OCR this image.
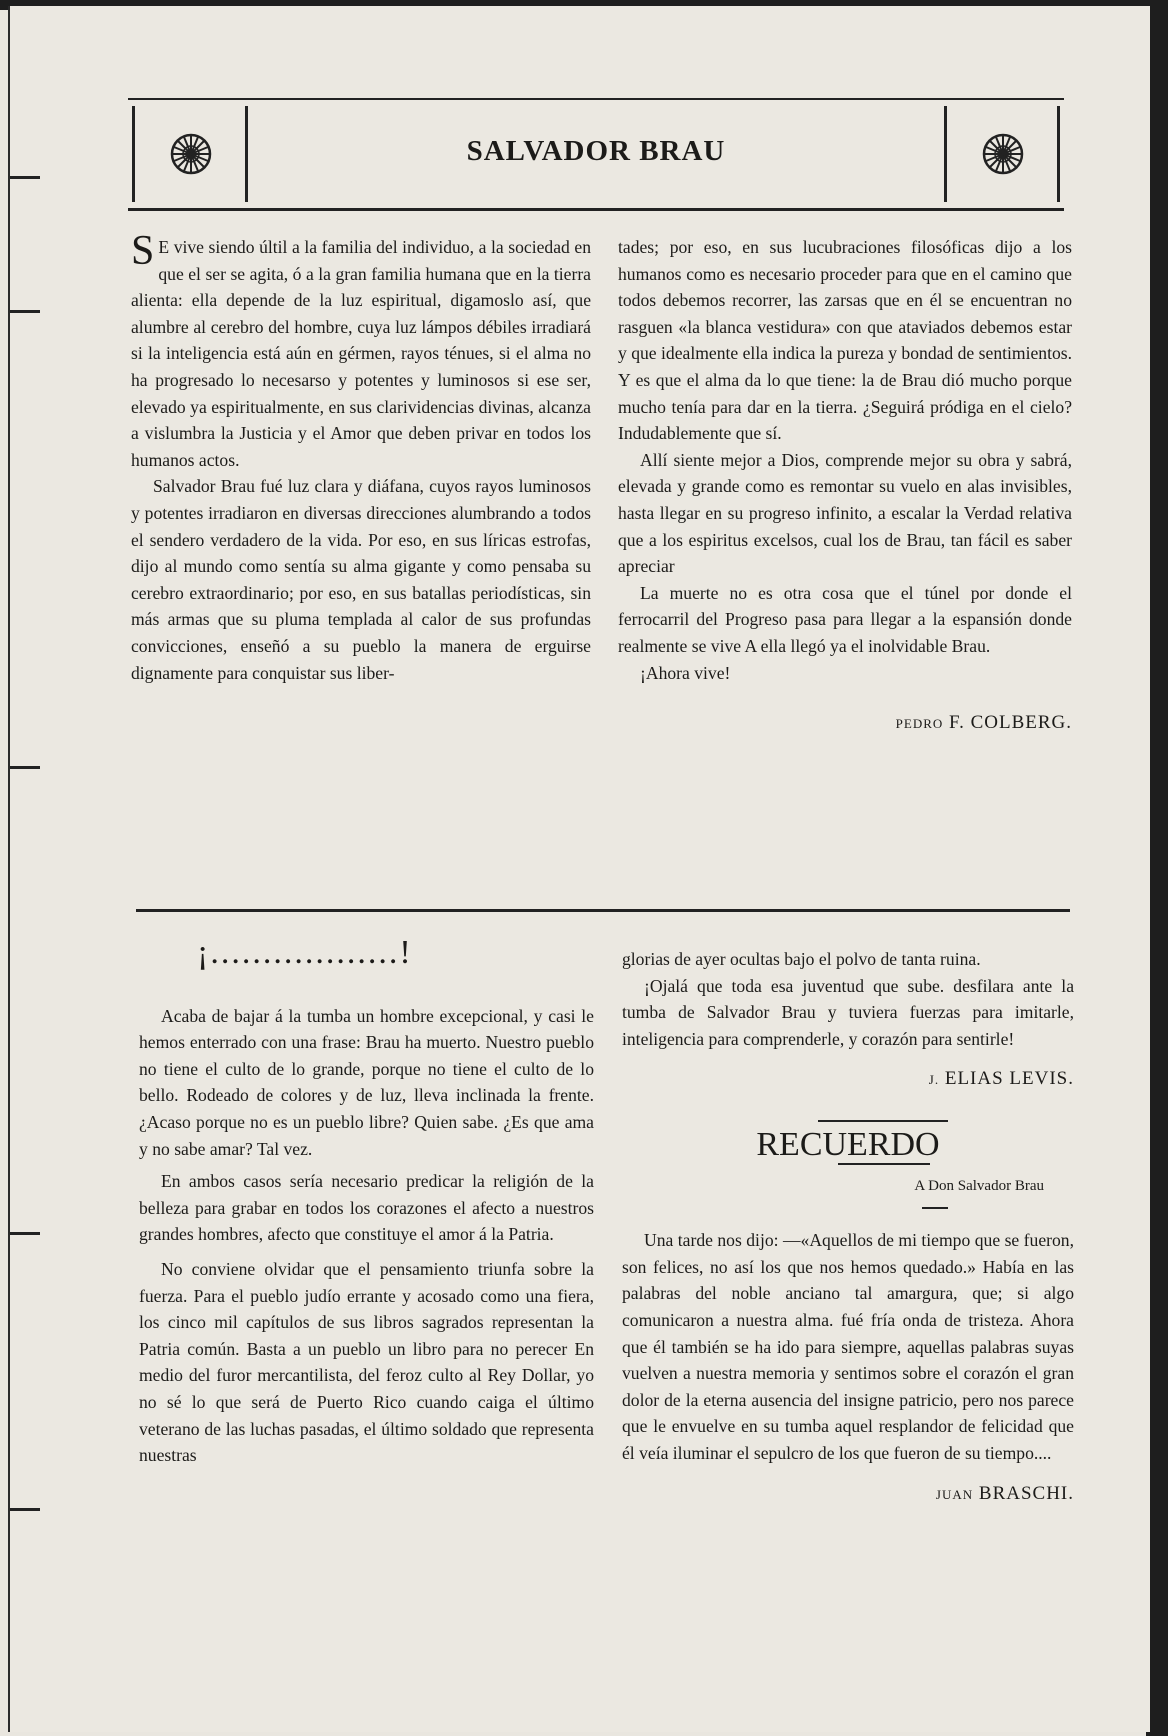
SALVADOR BRAU

S E vive siendo últil a la familia del individuo, a la sociedad en que el ser se agita, ó a la gran familia humana que en la tierra alienta: ella depende de la luz espiritual, digamoslo así, que alumbre al cerebro del hombre, cuya luz lámpos débiles irradiará si la inteligencia está aún en gérmen, rayos ténues, si el alma no ha progresado lo necesarso y potentes y luminosos si ese ser, elevado ya espiritualmente, en sus clarividencias divinas, alcanza a vislumbra la Justicia y el Amor que deben privar en todos los humanos actos.

Salvador Brau fué luz clara y diáfana, cuyos rayos luminosos y potentes irradiaron en diversas direcciones alumbrando a todos el sendero verdadero de la vida. Por eso, en sus líricas estrofas, dijo al mundo como sentía su alma gigante y como pensaba su cerebro extraordinario; por eso, en sus batallas periodísticas, sin más armas que su pluma templada al calor de sus profundas convicciones, enseñó a su pueblo la manera de erguirse dignamente para conquistar sus liber-

tades; por eso, en sus lucubraciones filosóficas dijo a los humanos como es necesario proceder para que en el camino que todos debemos recorrer, las zarsas que en él se encuentran no rasguen «la blanca vestidura» con que ataviados debemos estar y que idealmente ella indica la pureza y bondad de sentimientos. Y es que el alma da lo que tiene: la de Brau dió mucho porque mucho tenía para dar en la tierra. ¿Seguirá pródiga en el cielo? Indudablemente que sí.

Allí siente mejor a Dios, comprende mejor su obra y sabrá, elevada y grande como es remontar su vuelo en alas invisibles, hasta llegar en su progreso infinito, a escalar la Verdad relativa que a los espiritus excelsos, cual los de Brau, tan fácil es saber apreciar

La muerte no es otra cosa que el túnel por donde el ferrocarril del Progreso pasa para llegar a la espansión donde realmente se vive A ella llegó ya el inolvidable Brau.

¡Ahora vive!

PEDRO F. COLBERG.
¡..................!

Acaba de bajar á la tumba un hombre excepcional, y casi le hemos enterrado con una frase: Brau ha muerto. Nuestro pueblo no tiene el culto de lo grande, porque no tiene el culto de lo bello. Rodeado de colores y de luz, lleva inclinada la frente. ¿Acaso porque no es un pueblo libre? Quien sabe. ¿Es que ama y no sabe amar? Tal vez.

En ambos casos sería necesario predicar la religión de la belleza para grabar en todos los corazones el afecto a nuestros grandes hombres, afecto que constituye el amor á la Patria.

No conviene olvidar que el pensamiento triunfa sobre la fuerza. Para el pueblo judío errante y acosado como una fiera, los cinco mil capítulos de sus libros sagrados representan la Patria común. Basta a un pueblo un libro para no perecer En medio del furor mercantilista, del feroz culto al Rey Dollar, yo no sé lo que será de Puerto Rico cuando caiga el último veterano de las luchas pasadas, el último soldado que representa nuestras

glorias de ayer ocultas bajo el polvo de tanta ruina.

¡Ojalá que toda esa juventud que sube. desfilara ante la tumba de Salvador Brau y tuviera fuerzas para imitarle, inteligencia para comprenderle, y corazón para sentirle!

J. ELIAS LEVIS.
RECUERDO
A Don Salvador Brau

Una tarde nos dijo: —«Aquellos de mi tiempo que se fueron, son felices, no así los que nos hemos quedado.» Había en las palabras del noble anciano tal amargura, que; si algo comunicaron a nuestra alma. fué fría onda de tristeza. Ahora que él también se ha ido para siempre, aquellas palabras suyas vuelven a nuestra memoria y sentimos sobre el corazón el gran dolor de la eterna ausencia del insigne patricio, pero nos parece que le envuelve en su tumba aquel resplandor de felicidad que él veía iluminar el sepulcro de los que fueron de su tiempo....

JUAN BRASCHI.
